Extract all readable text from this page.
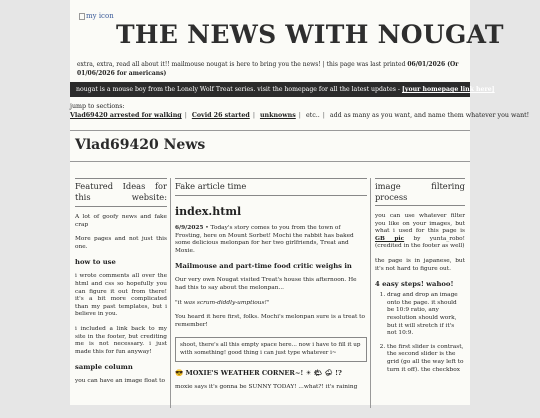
my icon
THE NEWS WITH NOUGAT
extra, extra, read all about it!! mailmouse nougat is here to bring you the news! | this page was last printed 06/01/2026 (Or 01/06/2026 for americans)
nougat is a mouse boy from the Lonely Wolf Treat series. visit the homepage for all the latest updates - [your homepage link here]
jump to sections:
Vlad69420 arrested for walking | Covid 26 started | unknowns | etc.. | add as many as you want, and name them whatever you want!
Vlad69420 News
Featured Ideas for this website:

A lot of goofy news and fake crap

More pages and not just this one.

how to use

i wrote comments all over the html and css so hopefully you can figure it out from there! it's a bit more complicated than my past templates, but i believe in you.

i included a link back to my site in the footer, but crediting me is not necessary. i just made this for fun anyway!

sample column

you can have an image float to

Fake article time
index.html

6/9/2025 • Today's story comes to you from the town of Frosting, here on Mount Sorbet! Mochi the rabbit has baked some delicious melonpan for her two girlfriends, Treat and Moxie.

Mailmouse and part-time food critic weighs in

Our very own Nougat visited Treat's house this afternoon. He had this to say about the melonpan...

"it was scrum-diddly-umptious!"

You heard it here first, folks. Mochi's melonpan sure is a treat to remember!

shoot, there's all this empty space here... now i have to fill it up with something! good thing i can just type whatever i~
😎 MOXIE'S WEATHER CORNER~! ☀ 🌤 ⛈ !?

moxie says it's gonna be SUNNY TODAY! ...what?! it's raining

image filtering process

you can use whatever filter you like on your images, but what i used for this page is GB pic by yunta_robo! (credited in the footer as well)

the page is in japanese, but it's not hard to figure out.

4 easy steps! wahoo!
1. drag and drop an image onto the page. it should be 10:9 ratio, any resolution should work, but it will stretch if it's not 10:9.
2. the first slider is contrast, the second slider is the grid (go all the way left to turn it off). the checkbox
